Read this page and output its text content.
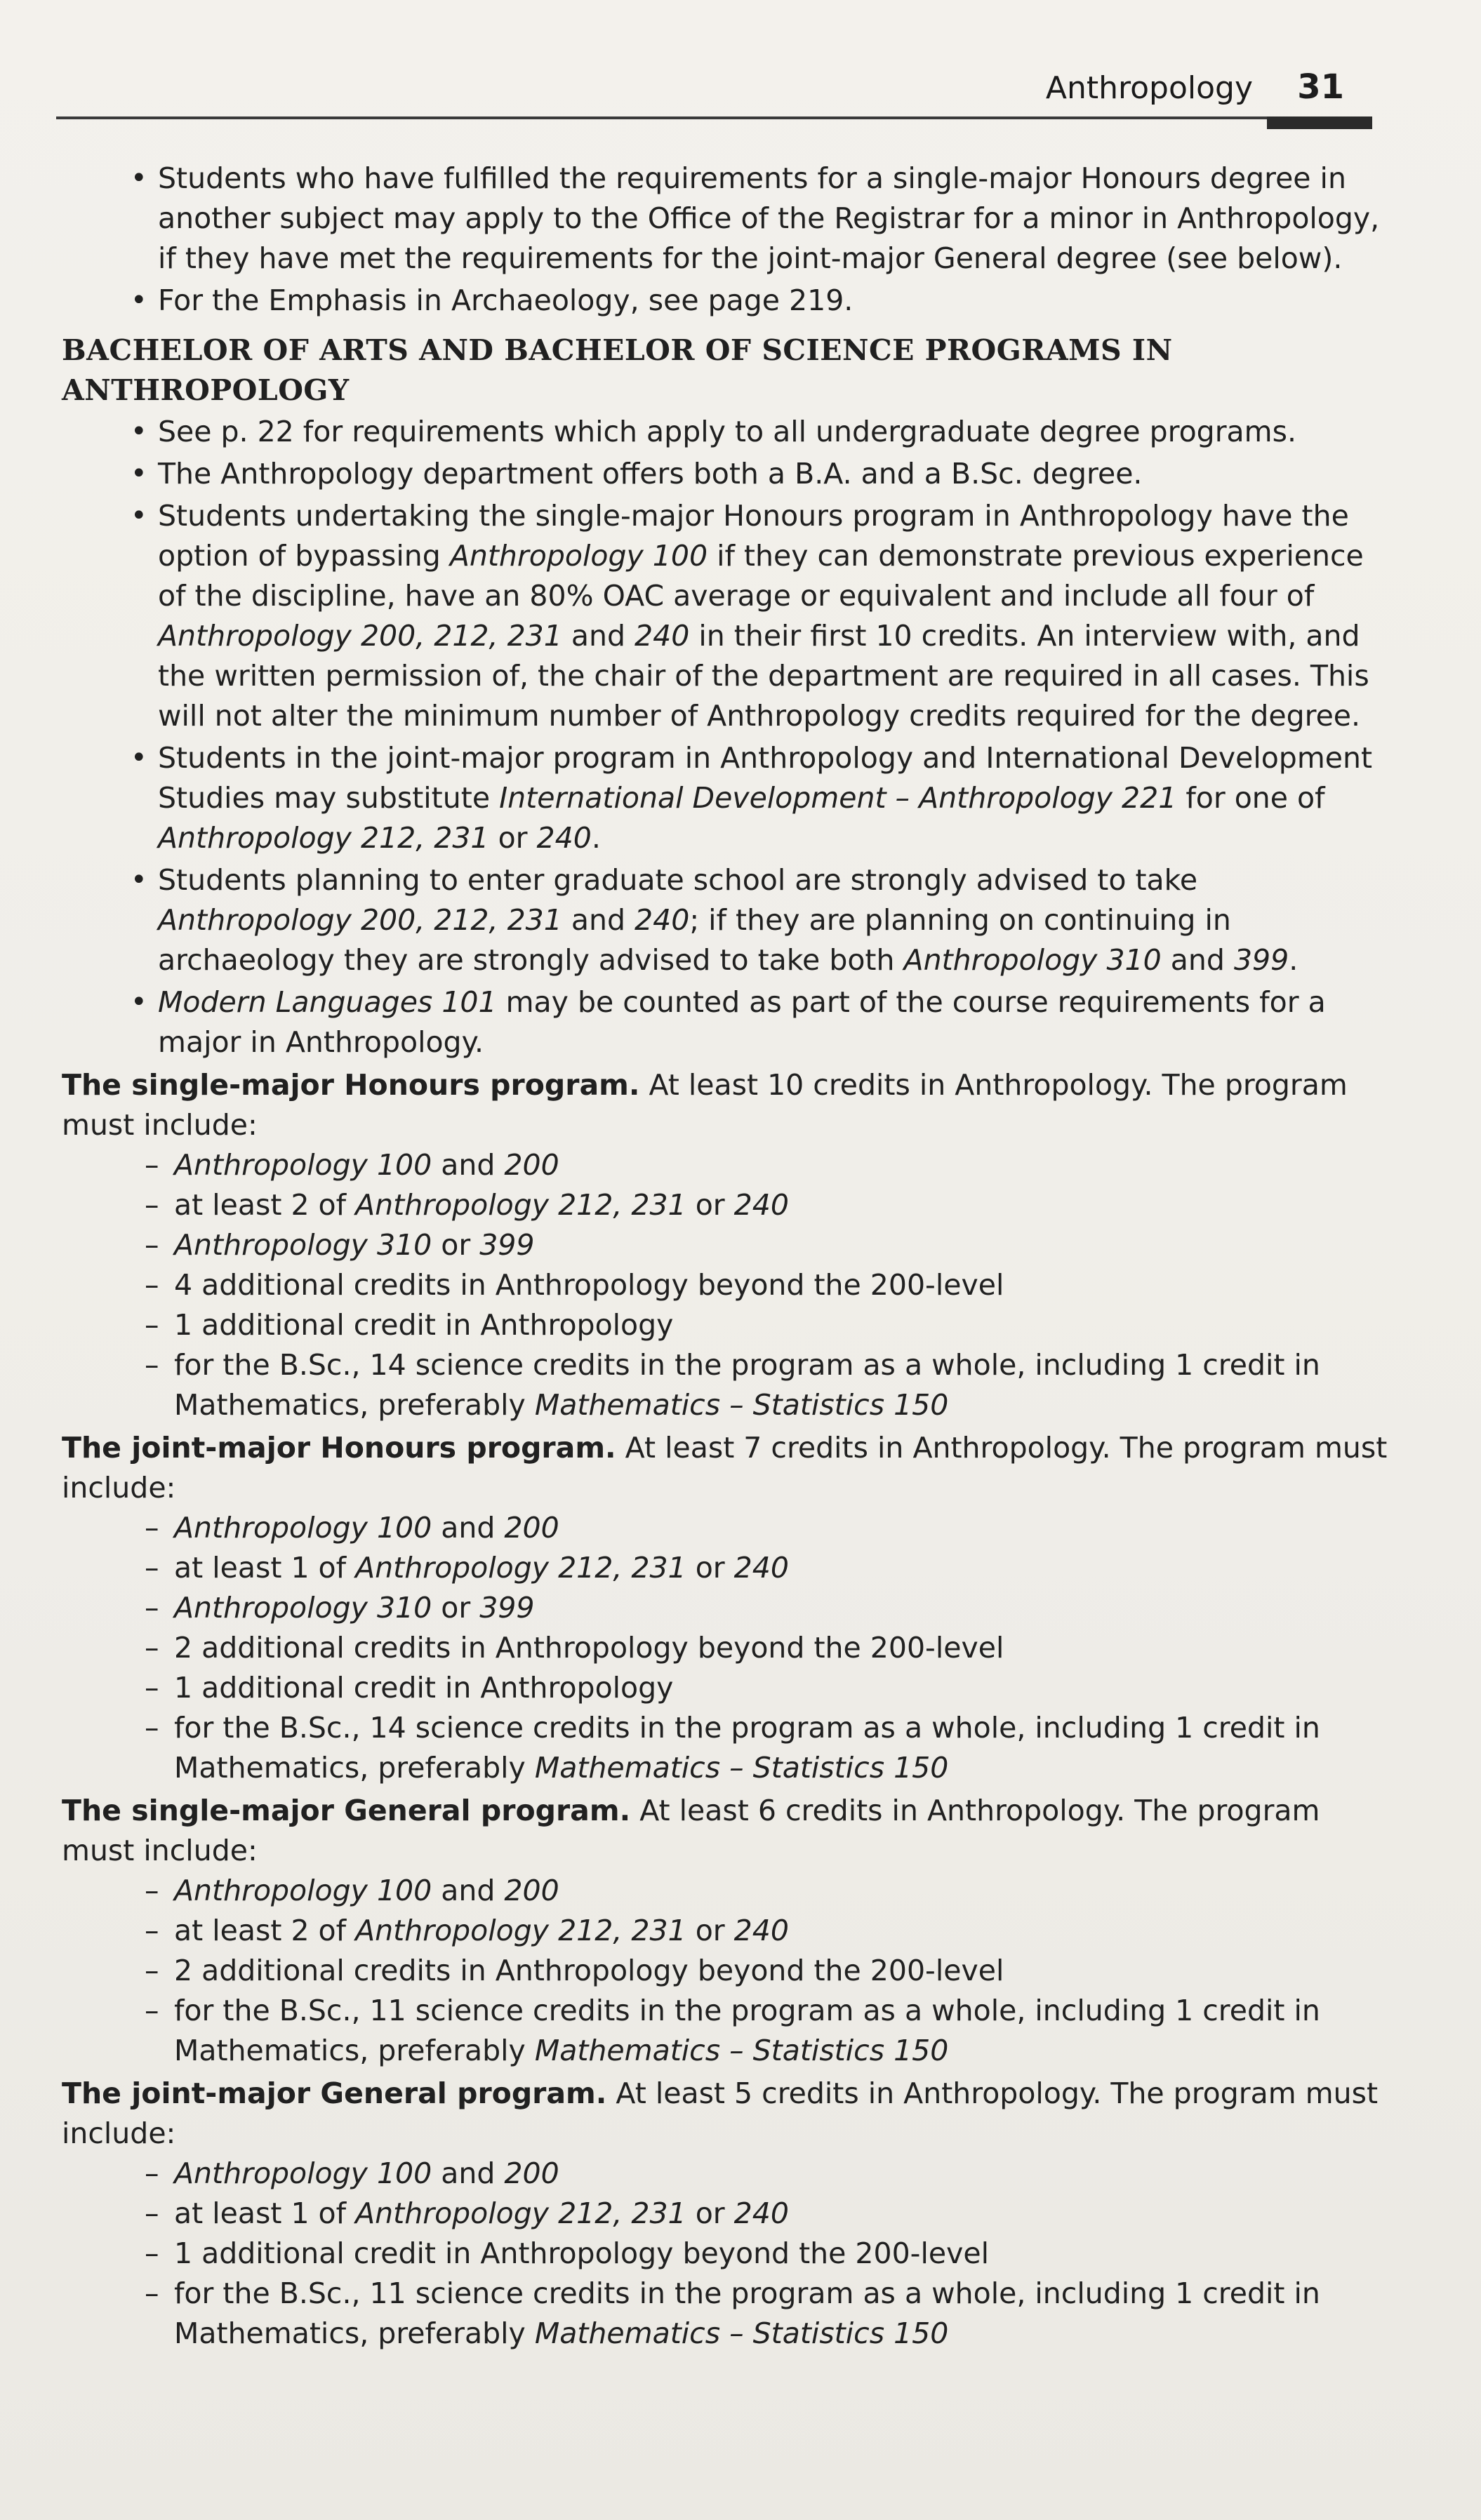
Anthropology 31
• Students who have fulfilled the requirements for a single-major Honours degree in another subject may apply to the Office of the Registrar for a minor in Anthropology, if they have met the requirements for the joint-major General degree (see below).
• For the Emphasis in Archaeology, see page 219.
BACHELOR OF ARTS AND BACHELOR OF SCIENCE PROGRAMS IN ANTHROPOLOGY
• See p. 22 for requirements which apply to all undergraduate degree programs.
• The Anthropology department offers both a B.A. and a B.Sc. degree.
• Students undertaking the single-major Honours program in Anthropology have the option of bypassing Anthropology 100 if they can demonstrate previous experience of the discipline, have an 80% OAC average or equivalent and include all four of Anthropology 200, 212, 231 and 240 in their first 10 credits. An interview with, and the written permission of, the chair of the department are required in all cases. This will not alter the minimum number of Anthropology credits required for the degree.
• Students in the joint-major program in Anthropology and International Development Studies may substitute International Development – Anthropology 221 for one of Anthropology 212, 231 or 240.
• Students planning to enter graduate school are strongly advised to take Anthropology 200, 212, 231 and 240; if they are planning on continuing in archaeology they are strongly advised to take both Anthropology 310 and 399.
• Modern Languages 101 may be counted as part of the course requirements for a major in Anthropology.
The single-major Honours program. At least 10 credits in Anthropology. The program must include:
– Anthropology 100 and 200
– at least 2 of Anthropology 212, 231 or 240
– Anthropology 310 or 399
– 4 additional credits in Anthropology beyond the 200-level
– 1 additional credit in Anthropology
– for the B.Sc., 14 science credits in the program as a whole, including 1 credit in Mathematics, preferably Mathematics – Statistics 150
The joint-major Honours program. At least 7 credits in Anthropology. The program must include:
– Anthropology 100 and 200
– at least 1 of Anthropology 212, 231 or 240
– Anthropology 310 or 399
– 2 additional credits in Anthropology beyond the 200-level
– 1 additional credit in Anthropology
– for the B.Sc., 14 science credits in the program as a whole, including 1 credit in Mathematics, preferably Mathematics – Statistics 150
The single-major General program. At least 6 credits in Anthropology. The program must include:
– Anthropology 100 and 200
– at least 2 of Anthropology 212, 231 or 240
– 2 additional credits in Anthropology beyond the 200-level
– for the B.Sc., 11 science credits in the program as a whole, including 1 credit in Mathematics, preferably Mathematics – Statistics 150
The joint-major General program. At least 5 credits in Anthropology. The program must include:
– Anthropology 100 and 200
– at least 1 of Anthropology 212, 231 or 240
– 1 additional credit in Anthropology beyond the 200-level
– for the B.Sc., 11 science credits in the program as a whole, including 1 credit in Mathematics, preferably Mathematics – Statistics 150
